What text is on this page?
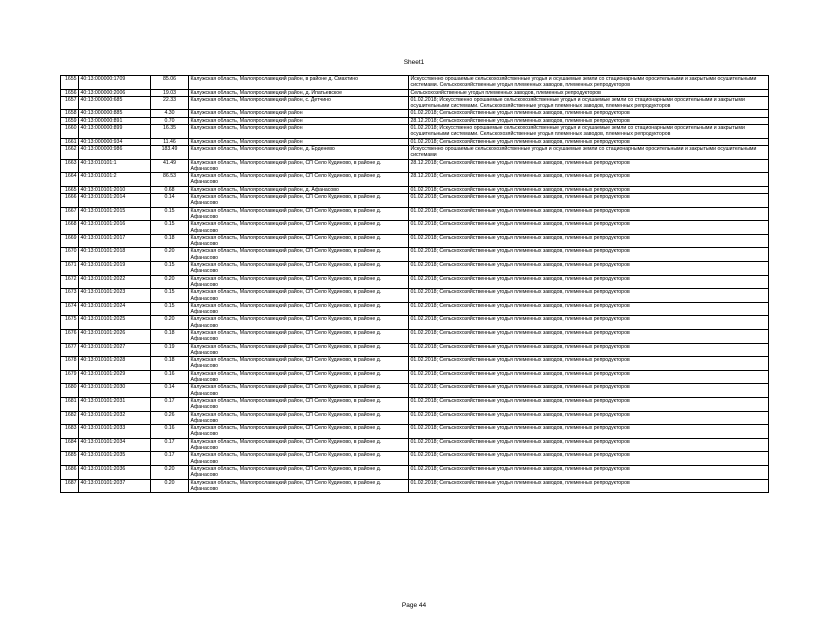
Sheet1
1655	40:13:000000:1709	85.06	Калужская область, Малоярославецкий район, в районе д. Смахтино	Искусственно орошаемые сельскохозяйственные угодья и осушаемые земли со стационарными оросительными и закрытыми осушительными системами. Сельскохозяйственные угодья племенных заводов, племенных репродукторов
1656	40:13:000000:2006	19.03	Калужская область, Малоярославецкий район, д. Ипатьевское	Сельскохозяйственные угодья племенных заводов, племенных репродукторов
1657	40:13:000000:685	22.33	Калужская область, Малоярославецкий район, с. Детчино	01.02.2018; Искусственно орошаемые сельскохозяйственные угодья и осушаемые земли со стационарными оросительными и закрытыми осушительными системами. Сельскохозяйственные угодья племенных заводов, племенных репродукторов
1658	40:13:000000:885	4.30	Калужская область, Малоярославецкий район	01.02.2018; Сельскохозяйственные угодья племенных заводов, племенных репродукторов
1659	40:13:000000:891	0.70	Калужская область, Малоярославецкий район	28.12.2018; Сельскохозяйственные угодья племенных заводов, племенных репродукторов
1660	40:13:000000:899	16.35	Калужская область, Малоярославецкий район	01.02.2018; Искусственно орошаемые сельскохозяйственные угодья и осушаемые земли со стационарными оросительными и закрытыми осушительными системами. Сельскохозяйственные угодья племенных заводов, племенных репродукторов
1661	40:13:000000:934	11.46	Калужская область, Малоярославецкий район	01.02.2018; Сельскохозяйственные угодья племенных заводов, племенных репродукторов
1662	40:13:000000:986	183.49	Калужская область, Малоярославецкий район, д. Ерденево	Искусственно орошаемые сельскохозяйственные угодья и осушаемые земли со стационарными оросительными и закрытыми осушительными системами
1663	40:13:010101:1	41.49	Калужская область, Малоярославецкий район, СП Село Кудиново, в районе д. Афанасово	28.12.2018; Сельскохозяйственные угодья племенных заводов, племенных репродукторов
1664	40:13:010101:2	86.53	Калужская область, Малоярославецкий район, СП Село Кудиново, в районе д. Афанасово	28.12.2018; Сельскохозяйственные угодья племенных заводов, племенных репродукторов
1665	40:13:010101:2010	0.68	Калужская область, Малоярославецкий район, д. Афанасово	01.02.2018; Сельскохозяйственные угодья племенных заводов, племенных репродукторов
1666	40:13:010101:2014	0.14	Калужская область, Малоярославецкий район, СП Село Кудиново, в районе д. Афанасово	01.02.2018; Сельскохозяйственные угодья племенных заводов, племенных репродукторов
1667	40:13:010101:2015	0.15	Калужская область, Малоярославецкий район, СП Село Кудиново, в районе д. Афанасово	01.02.2018; Сельскохозяйственные угодья племенных заводов, племенных репродукторов
1668	40:13:010101:2016	0.15	Калужская область, Малоярославецкий район, СП Село Кудиново, в районе д. Афанасово	01.02.2018; Сельскохозяйственные угодья племенных заводов, племенных репродукторов
1669	40:13:010101:2017	0.18	Калужская область, Малоярославецкий район, СП Село Кудиново, в районе д. Афанасово	01.02.2018; Сельскохозяйственные угодья племенных заводов, племенных репродукторов
1670	40:13:010101:2018	0.20	Калужская область, Малоярославецкий район, СП Село Кудиново, в районе д. Афанасово	01.02.2018; Сельскохозяйственные угодья племенных заводов, племенных репродукторов
1671	40:13:010101:2019	0.15	Калужская область, Малоярославецкий район, СП Село Кудиново, в районе д. Афанасово	01.02.2018; Сельскохозяйственные угодья племенных заводов, племенных репродукторов
1672	40:13:010101:2022	0.20	Калужская область, Малоярославецкий район, СП Село Кудиново, в районе д. Афанасово	01.02.2018; Сельскохозяйственные угодья племенных заводов, племенных репродукторов
1673	40:13:010101:2023	0.15	Калужская область, Малоярославецкий район, СП Село Кудиново, в районе д. Афанасово	01.02.2018; Сельскохозяйственные угодья племенных заводов, племенных репродукторов
1674	40:13:010101:2024	0.15	Калужская область, Малоярославецкий район, СП Село Кудиново, в районе д. Афанасово	01.02.2018; Сельскохозяйственные угодья племенных заводов, племенных репродукторов
1675	40:13:010101:2025	0.20	Калужская область, Малоярославецкий район, СП Село Кудиново, в районе д. Афанасово	01.02.2018; Сельскохозяйственные угодья племенных заводов, племенных репродукторов
1676	40:13:010101:2026	0.18	Калужская область, Малоярославецкий район, СП Село Кудиново, в районе д. Афанасово	01.02.2018; Сельскохозяйственные угодья племенных заводов, племенных репродукторов
1677	40:13:010101:2027	0.19	Калужская область, Малоярославецкий район, СП Село Кудиново, в районе д. Афанасово	01.02.2018; Сельскохозяйственные угодья племенных заводов, племенных репродукторов
1678	40:13:010101:2028	0.18	Калужская область, Малоярославецкий район, СП Село Кудиново, в районе д. Афанасово	01.02.2018; Сельскохозяйственные угодья племенных заводов, племенных репродукторов
1679	40:13:010101:2029	0.16	Калужская область, Малоярославецкий район, СП Село Кудиново, в районе д. Афанасово	01.02.2018; Сельскохозяйственные угодья племенных заводов, племенных репродукторов
1680	40:13:010101:2030	0.14	Калужская область, Малоярославецкий район, СП Село Кудиново, в районе д. Афанасово	01.02.2018; Сельскохозяйственные угодья племенных заводов, племенных репродукторов
1681	40:13:010101:2031	0.17	Калужская область, Малоярославецкий район, СП Село Кудиново, в районе д. Афанасово	01.02.2018; Сельскохозяйственные угодья племенных заводов, племенных репродукторов
1682	40:13:010101:2032	0.26	Калужская область, Малоярославецкий район, СП Село Кудиново, в районе д. Афанасово	01.02.2018; Сельскохозяйственные угодья племенных заводов, племенных репродукторов
1683	40:13:010101:2033	0.16	Калужская область, Малоярославецкий район, СП Село Кудиново, в районе д. Афанасово	01.02.2018; Сельскохозяйственные угодья племенных заводов, племенных репродукторов
1684	40:13:010101:2034	0.17	Калужская область, Малоярославецкий район, СП Село Кудиново, в районе д. Афанасово	01.02.2018; Сельскохозяйственные угодья племенных заводов, племенных репродукторов
1685	40:13:010101:2035	0.17	Калужская область, Малоярославецкий район, СП Село Кудиново, в районе д. Афанасово	01.02.2018; Сельскохозяйственные угодья племенных заводов, племенных репродукторов
1686	40:13:010101:2036	0.20	Калужская область, Малоярославецкий район, СП Село Кудиново, в районе д. Афанасово	01.02.2018; Сельскохозяйственные угодья племенных заводов, племенных репродукторов
1687	40:13:010101:2037	0.20	Калужская область, Малоярославецкий район, СП Село Кудиново, в районе д. Афанасово	01.02.2018; Сельскохозяйственные угодья племенных заводов, племенных репродукторов
Page 44
